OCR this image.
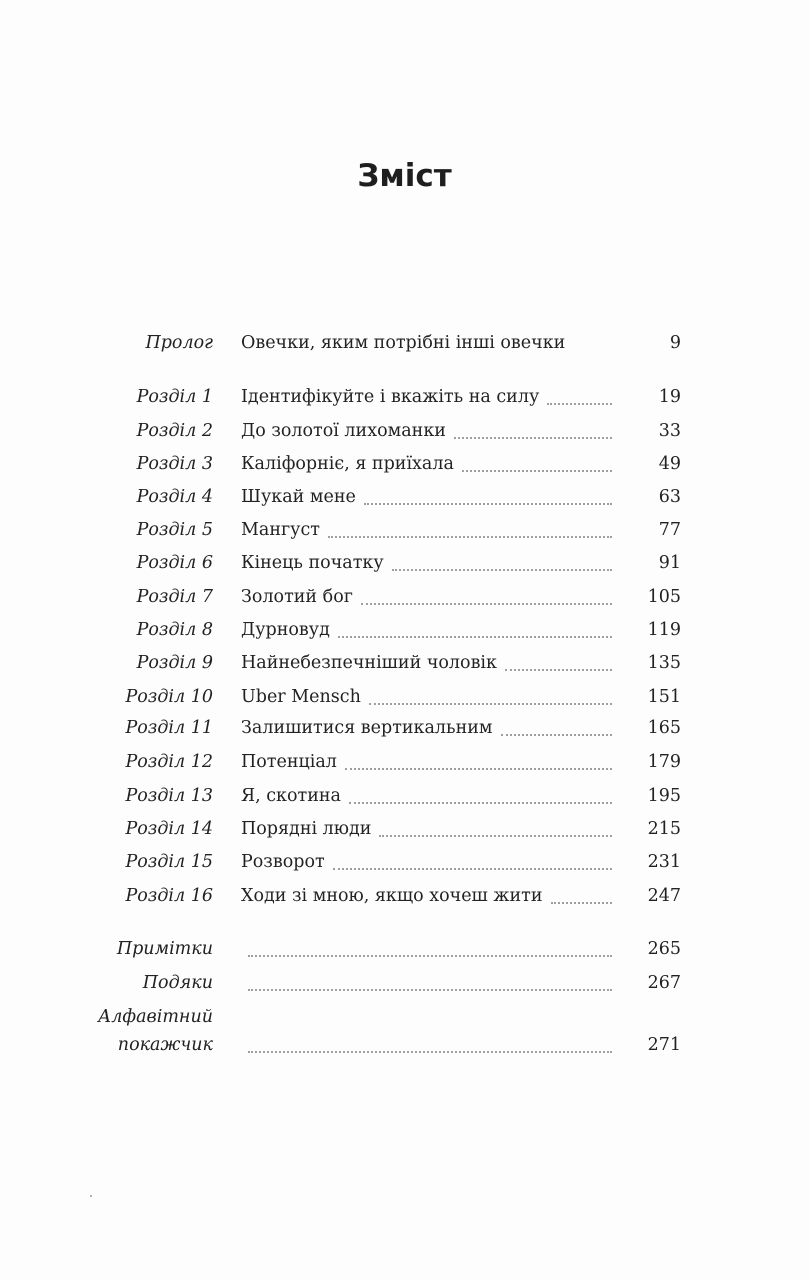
Зміст
Пролог Овечки, яким потрібні інші овечки	9
Розділ 1 Ідентифікуйте і вкажіть на силу	19
Розділ 2 До золотої лихоманки	33
Розділ 3 Каліфорніє, я приїхала	49
Розділ 4 Шукай мене	63
Розділ 5 Мангуст	77
Розділ 6 Кінець початку	91
Розділ 7 Золотий бог	105
Розділ 8 Дурновуд	119
Розділ 9 Найнебезпечніший чоловік	135
Розділ 10 Uber Mensch	151
Розділ 11 Залишитися вертикальним	165
Розділ 12 Потенціал	179
Розділ 13 Я, скотина	195
Розділ 14 Порядні люди	215
Розділ 15 Розворот	231
Розділ 16 Ходи зі мною, якщо хочеш жити	247
Примітки	265
Подяки	267
Алфавітний
покажчик	271
